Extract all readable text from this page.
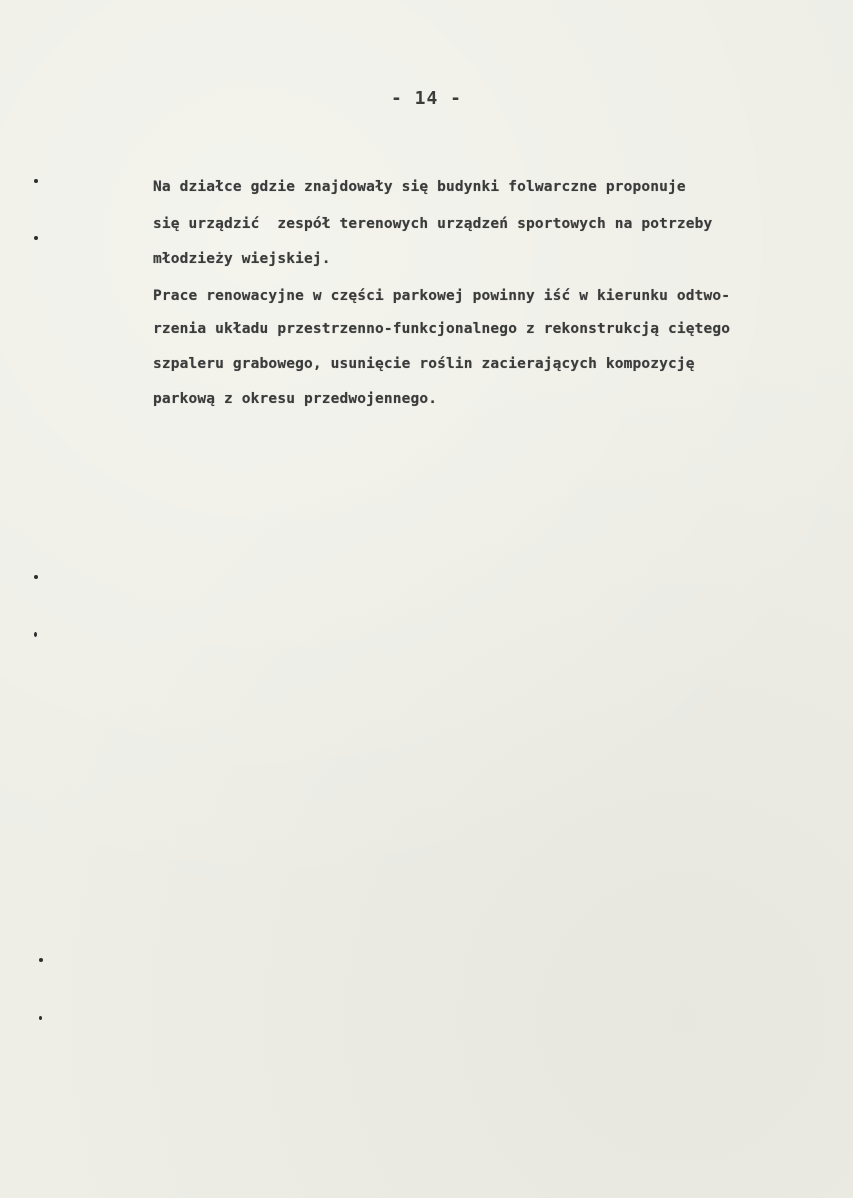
- 14 -
Na działce gdzie znajdowały się budynki folwarczne proponuje
się urządzić  zespół terenowych urządzeń sportowych na potrzeby
młodzieży wiejskiej.
Prace renowacyjne w części parkowej powinny iść w kierunku odtwo-
rzenia układu przestrzenno-funkcjonalnego z rekonstrukcją ciętego
szpaleru grabowego, usunięcie roślin zacierających kompozycję
parkową z okresu przedwojennego.
